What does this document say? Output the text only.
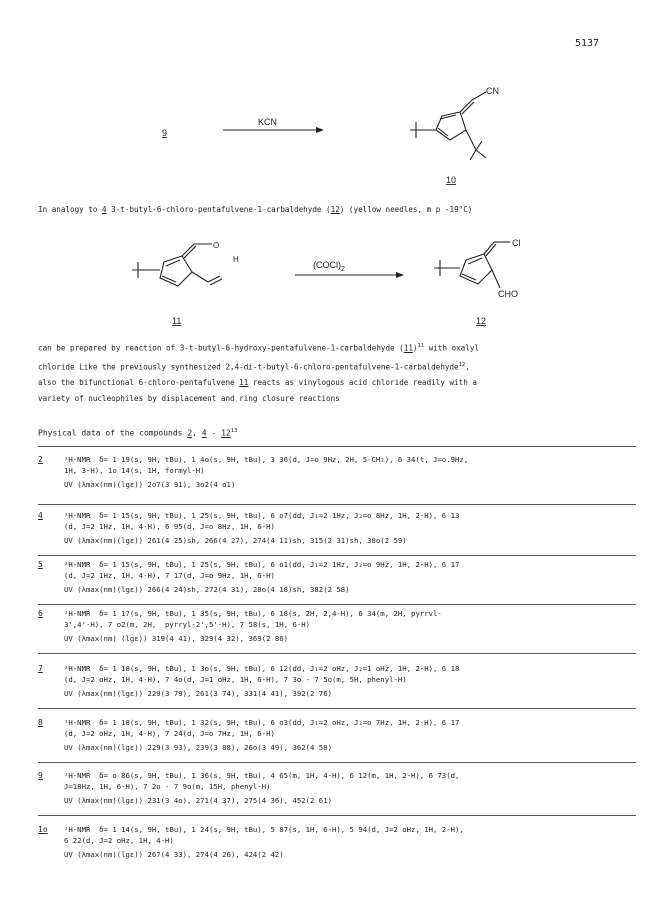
5137
9
KCN
CN
10
O
H
11
$(COCl)_2$
Cl
CHO
12

In analogy to 4 3-t-butyl-6-chloro-pentafulvene-1-carbaldehyde (12) (yellow needles, m p -19°C)

can be prepared by reaction of 3-t-butyl-6-hydroxy-pentafulvene-1-carbaldehyde $(11)^{11}$ with oxalyl

chloride Like the previously synthesized 2,4-di-t-butyl-6-chloro-pentafulvene-1-carbaldehyde$^{12}$,

also the bifunctional 6-chloro-pentafulvene 11 reacts as vinylogous acid chloride readily with a

variety of nucleophiles by displacement and ring closure reactions

Physical data of the compounds 2, $4 - 12^{13}$
2	¹H-NMR  δ= 1 19(s, 9H, tBu), 1 4o(s, 9H, tBu), 3 36(d, J=o 9Hz, 2H, 5-CH₂), 6 34(t, J=o.9Hz,
1H, 3-H), 1o 14(s, 1H, formyl-H)
UV (λmax(nm)(lgε)) 2o7(3 91), 3o2(4 o1)
4	¹H-NMR  δ= 1 15(s, 9H, tBu), 1 25(s, 9H, tBu), 6 o7(dd, J₁=2 1Hz, J₂=o 8Hz, 1H, 2-H), 6 13
(d, J=2 1Hz, 1H, 4-H), 6 95(d, J=o 8Hz, 1H, 6-H)
UV (λmax(nm)(lgε)) 261(4 25)sh, 266(4 27), 274(4 11)sh, 315(2 31)sh, 38o(2 59)
5	¹H-NMR  δ= 1 15(s, 9H, tBu), 1 25(s, 9H, tBu), 6 o1(dd, J₁=2 1Hz, J₂=o 9Hz, 1H, 2-H), 6 17
(d, J=2 1Hz, 1H, 4-H), 7 17(d, J=o 9Hz, 1H, 6-H)
UV (λmax(nm)(lgε)) 266(4 24)sh, 272(4 31), 28o(4 18)sh, 382(2 58)
6	¹H-NMR  δ= 1 17(s, 9H, tBu), 1 35(s, 9H, tBu), 6 18(s, 2H, 2,4-H), 6 34(m, 2H, pyrrvl-
3',4'-H), 7 o2(m, 2H,  pyrryl-2',5'-H), 7 58(s, 1H, 6-H)
UV (λmax(nm) (lgε)) 319(4 41), 329(4 32), 369(2 86)
7	¹H-NMR  δ= 1 18(s, 9H, tBu), 1 3o(s, 9H, tBu), 6 12(dd, J₁=2 oHz, J₂=1 oHz, 1H, 2-H), 6 18
(d, J=2 oHz, 1H, 4-H), 7 4o(d, J=1 oHz, 1H, 6-H), 7 3o - 7 5o(m, 5H, phenyl-H)
UV (λmax(nm)(lgε)) 229(3 79), 261(3 74), 331(4 41), 392(2 76)
8	¹H-NMR  δ= 1 18(s, 9H, tBu), 1 32(s, 9H, tBu), 6 o3(dd, J₁=2 oHz, J₂=o 7Hz, 1H, 2-H), 6 17
(d, J=2 oHz, 1H, 4-H), 7 24(d, J=o 7Hz, 1H, 6-H)
UV (λmax(nm)(lgε)) 229(3 93), 239(3 88), 26o(3 49), 362(4 58)
9	¹H-NMR  δ= o 86(s, 9H, tBu), 1 36(s, 9H, tBu), 4 65(m, 1H, 4-H), 6 12(m, 1H, 2-H), 6 73(d,
J=18Hz, 1H, 6-H), 7 2o - 7 9o(m, 15H, phenyl-H)
UV (λmax(nm)(lgε)) 231(3 4o), 271(4 37), 275(4 36), 452(2 61)
1o ¹H-NMR  δ= 1 14(s, 9H, tBu), 1 24(s, 9H, tBu), 5 87(s, 1H, 6-H), 5 94(d, J=2 oHz, 1H, 2-H),
6 22(d, J=2 oHz, 1H, 4-H)
UV (λmax(nm)(lgε)) 267(4 33), 274(4 26), 424(2 42)
